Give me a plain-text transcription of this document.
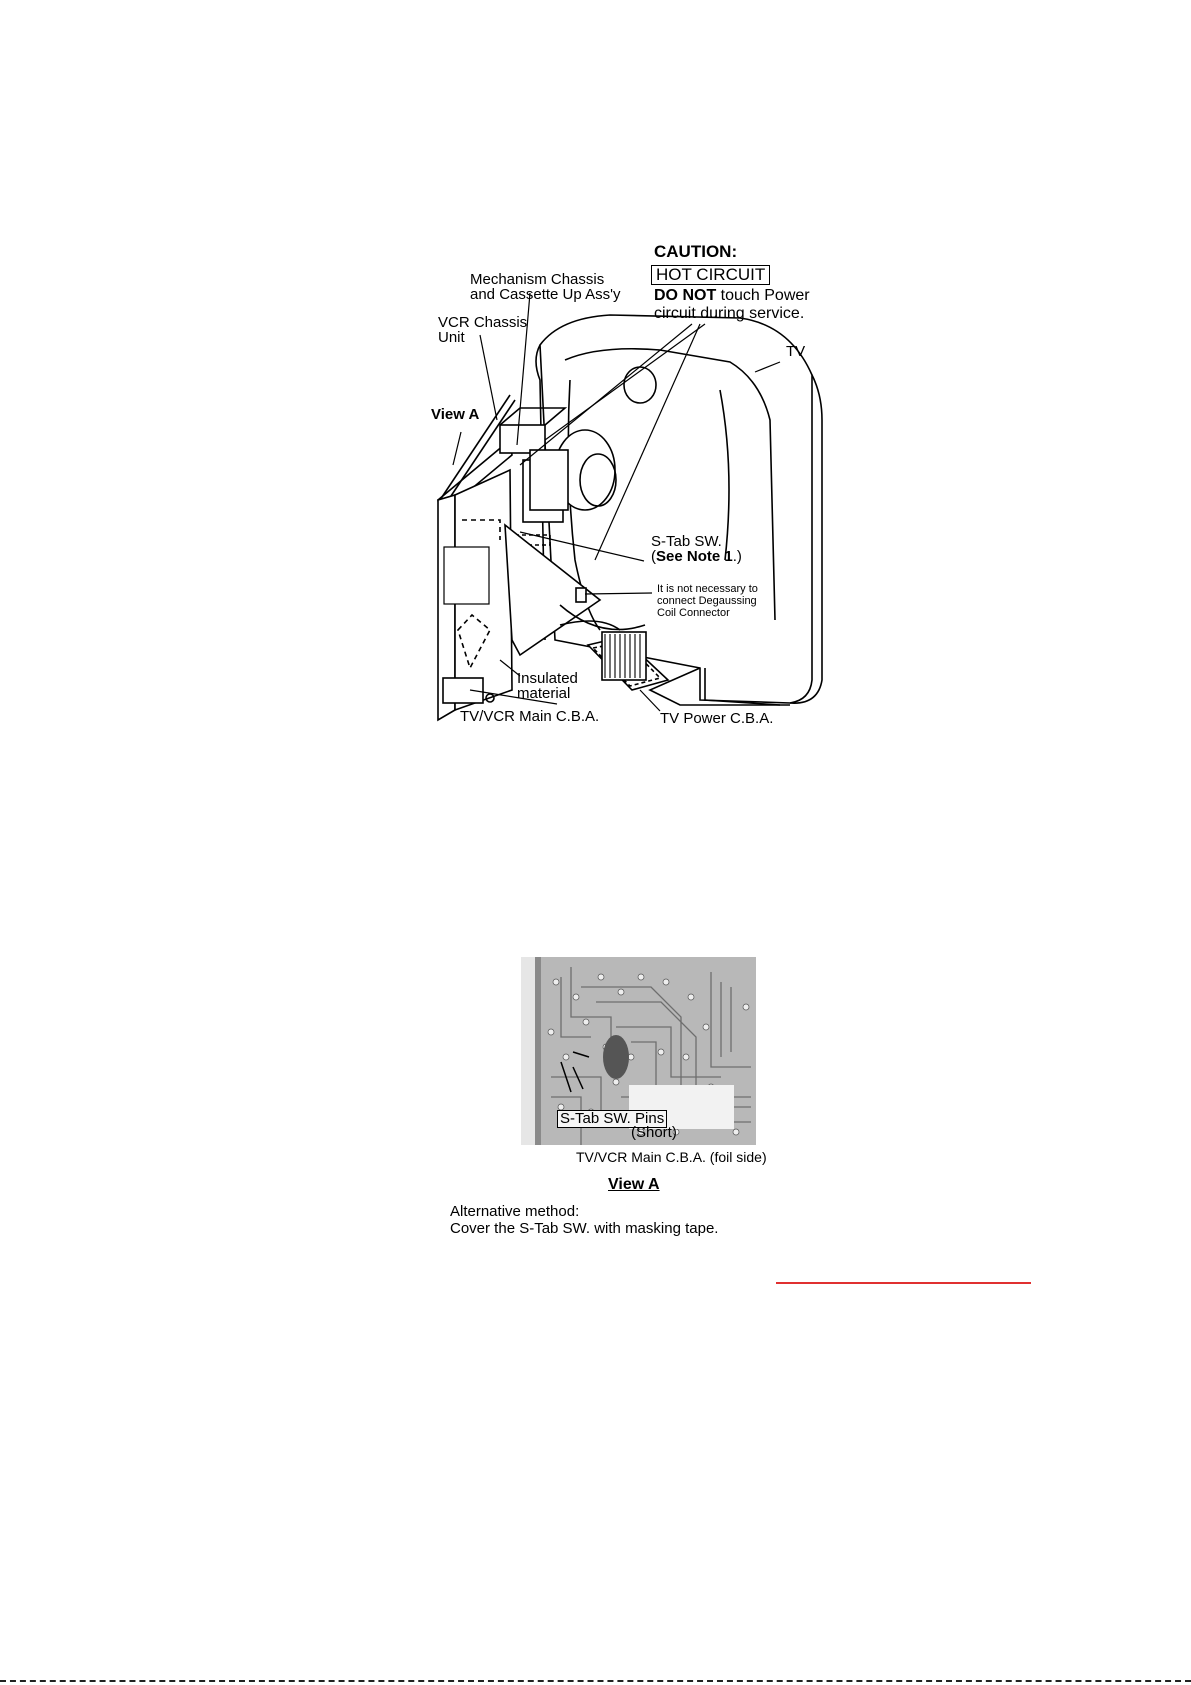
CAUTION:
HOT CIRCUIT
DO NOT touch Power
circuit during service.
Mechanism Chassis
and Cassette Up Ass'y
VCR Chassis
Unit
View A
TV
S-Tab SW.
(See Note 1.)
It is not necessary to
connect Degaussing
Coil Connector
Insulated
material
TV/VCR Main C.B.A.	TV Power C.B.A.
S-Tab SW. Pins
(Short)
TV/VCR Main C.B.A. (foil side)
View A
Alternative method:
Cover the S-Tab SW. with masking tape.
